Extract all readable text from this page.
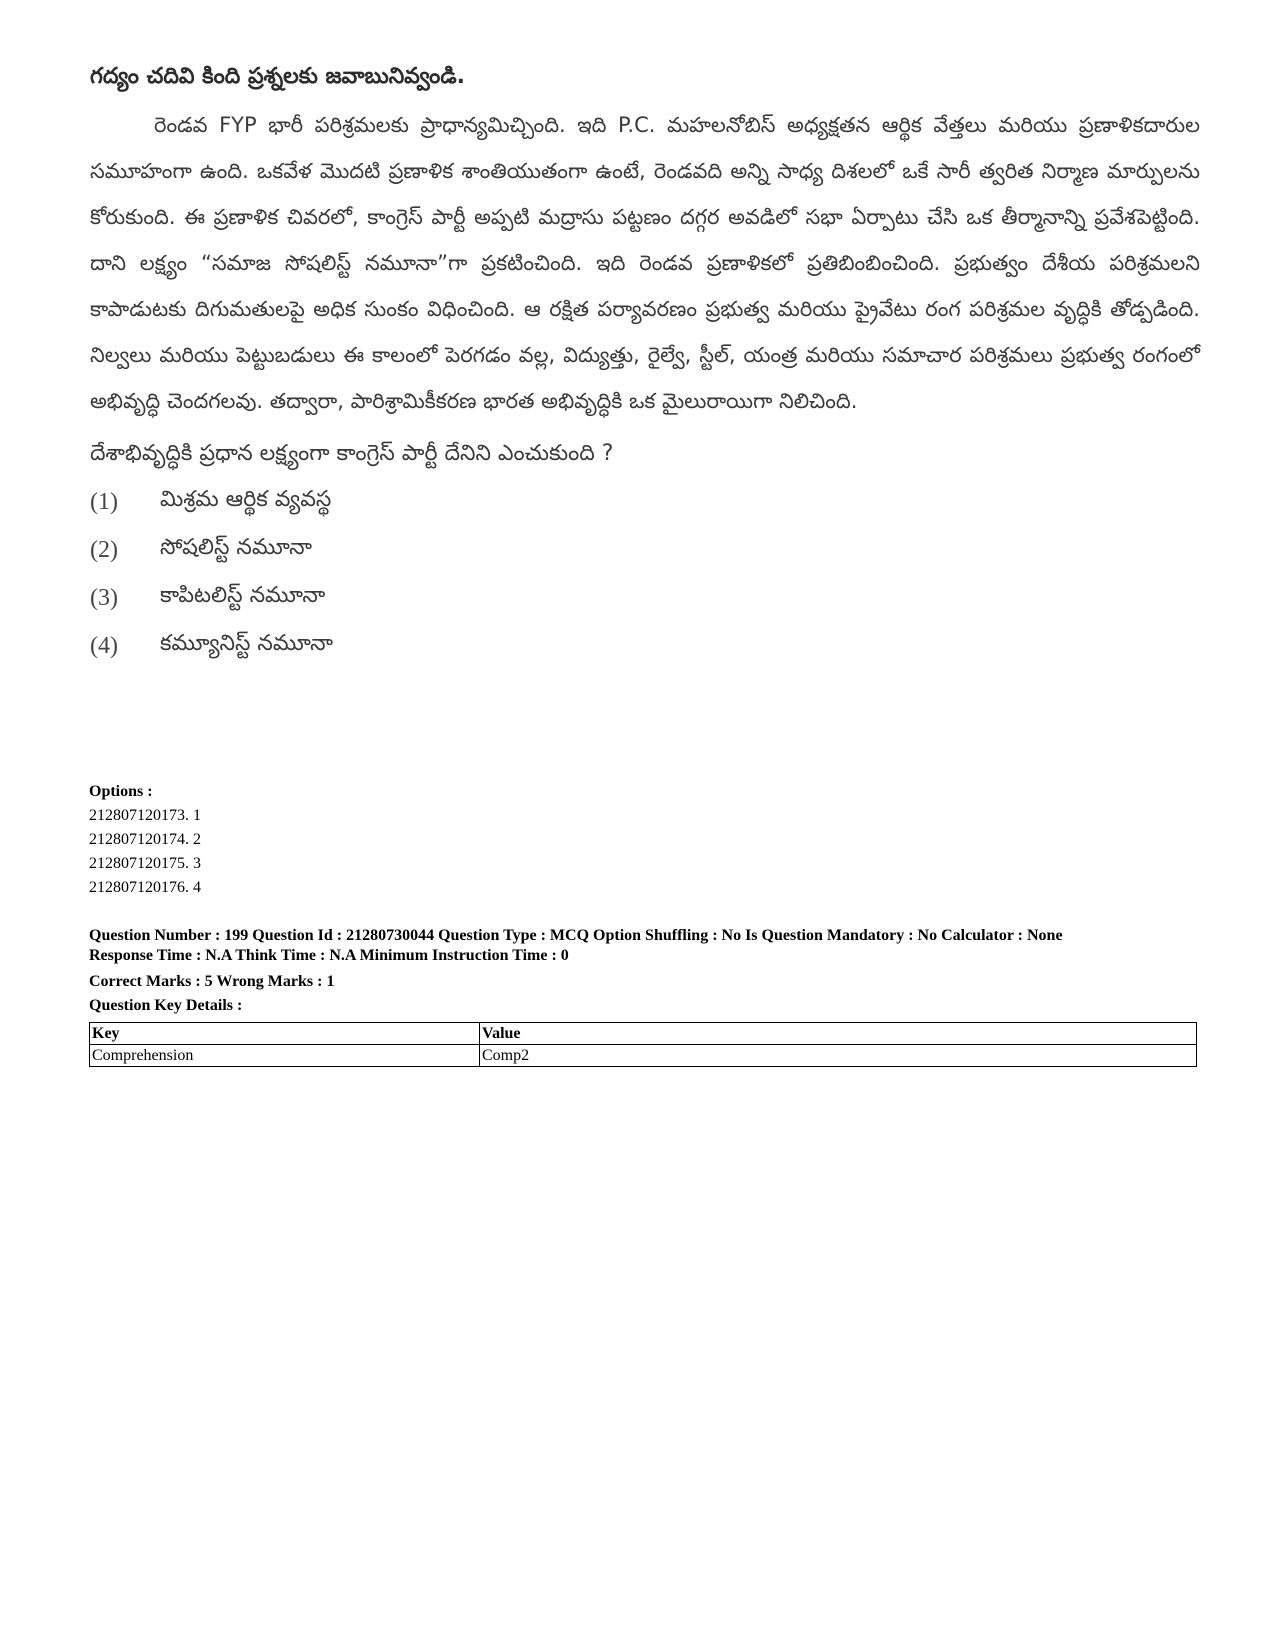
గద్యం చదివి కింది ప్రశ్నలకు జవాబునివ్వండి.

రెండవ FYP భారీ పరిశ్రమలకు ప్రాధాన్యమిచ్చింది. ఇది P.C. మహలనోబిస్ అధ్యక్షతన ఆర్థిక వేత్తలు మరియు ప్రణాళికదారుల సమూహంగా ఉంది. ఒకవేళ మొదటి ప్రణాళిక శాంతియుతంగా ఉంటే, రెండవది అన్ని సాధ్య దిశలలో ఒకే సారీ త్వరిత నిర్మాణ మార్పులను కోరుకుంది. ఈ ప్రణాళిక చివరలో, కాంగ్రెస్ పార్టీ అప్పటి మద్రాసు పట్టణం దగ్గర అవడిలో సభా ఏర్పాటు చేసి ఒక తీర్మానాన్ని ప్రవేశపెట్టింది. దాని లక్ష్యం “సమాజ సోషలిస్ట్ నమూనా”గా ప్రకటించింది. ఇది రెండవ ప్రణాళికలో ప్రతిబింబించింది. ప్రభుత్వం దేశీయ పరిశ్రమలని కాపాడుటకు దిగుమతులపై అధిక సుంకం విధించింది. ఆ రక్షిత పర్యావరణం ప్రభుత్వ మరియు ప్రైవేటు రంగ పరిశ్రమల వృద్ధికి తోడ్పడింది. నిల్వలు మరియు పెట్టుబడులు ఈ కాలంలో పెరగడం వల్ల, విద్యుత్తు, రైల్వే, స్టీల్, యంత్ర మరియు సమాచార పరిశ్రమలు ప్రభుత్వ రంగంలో అభివృద్ధి చెందగలవు. తద్వారా, పారిశ్రామికీకరణ భారత అభివృద్ధికి ఒక మైలురాయిగా నిలిచింది.

దేశాభివృద్ధికి ప్రధాన లక్ష్యంగా కాంగ్రెస్ పార్టీ దేనిని ఎంచుకుంది ?

(1)	మిశ్రమ ఆర్థిక వ్యవస్థ
(2)	సోషలిస్ట్ నమూనా
(3)	కాపిటలిస్ట్ నమూనా
(4)	కమ్యూనిస్ట్ నమూనా
Options :
212807120173. 1
212807120174. 2
212807120175. 3
212807120176. 4
Question Number : 199 Question Id : 21280730044 Question Type : MCQ Option Shuffling : No Is Question Mandatory : No Calculator : None
Response Time : N.A Think Time : N.A Minimum Instruction Time : 0
Correct Marks : 5 Wrong Marks : 1
Question Key Details :
Key	Value
Comprehension	Comp2
